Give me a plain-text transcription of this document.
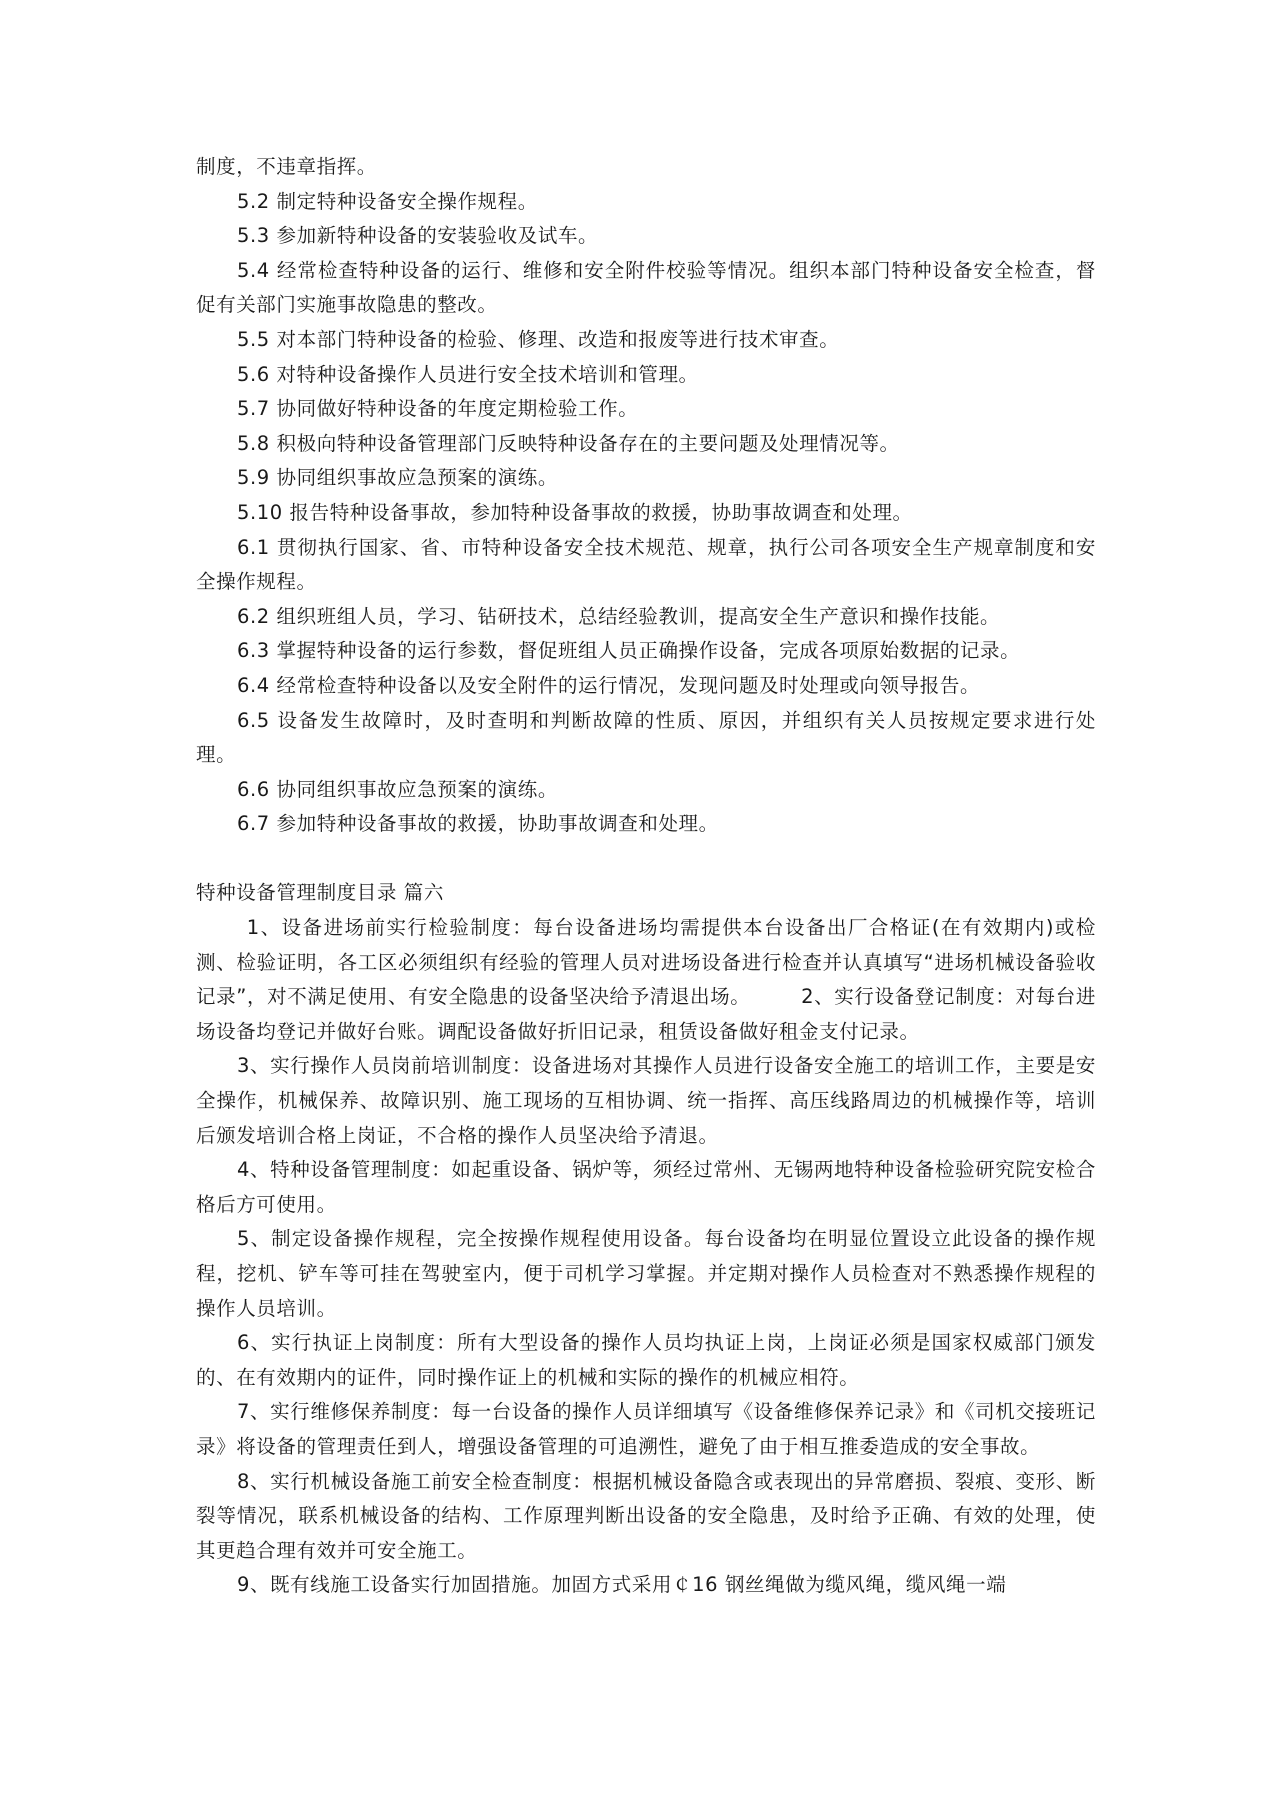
制度，不违章指挥。

5.2 制定特种设备安全操作规程。

5.3 参加新特种设备的安装验收及试车。

5.4 经常检查特种设备的运行、维修和安全附件校验等情况。组织本部门特种设备安全检查，督促有关部门实施事故隐患的整改。

5.5 对本部门特种设备的检验、修理、改造和报废等进行技术审查。

5.6 对特种设备操作人员进行安全技术培训和管理。

5.7 协同做好特种设备的年度定期检验工作。

5.8 积极向特种设备管理部门反映特种设备存在的主要问题及处理情况等。

5.9 协同组织事故应急预案的演练。

5.10 报告特种设备事故，参加特种设备事故的救援，协助事故调查和处理。

6.1 贯彻执行国家、省、市特种设备安全技术规范、规章，执行公司各项安全生产规章制度和安全操作规程。

6.2 组织班组人员，学习、钻研技术，总结经验教训，提高安全生产意识和操作技能。

6.3 掌握特种设备的运行参数，督促班组人员正确操作设备，完成各项原始数据的记录。

6.4 经常检查特种设备以及安全附件的运行情况，发现问题及时处理或向领导报告。

6.5 设备发生故障时，及时查明和判断故障的性质、原因，并组织有关人员按规定要求进行处理。

6.6 协同组织事故应急预案的演练。

6.7 参加特种设备事故的救援，协助事故调查和处理。

特种设备管理制度目录 篇六

1、设备进场前实行检验制度：每台设备进场均需提供本台设备出厂合格证(在有效期内)或检测、检验证明，各工区必须组织有经验的管理人员对进场设备进行检查并认真填写“进场机械设备验收记录”，对不满足使用、有安全隐患的设备坚决给予清退出场。　　　2、实行设备登记制度：对每台进场设备均登记并做好台账。调配设备做好折旧记录，租赁设备做好租金支付记录。

3、实行操作人员岗前培训制度：设备进场对其操作人员进行设备安全施工的培训工作，主要是安全操作，机械保养、故障识别、施工现场的互相协调、统一指挥、高压线路周边的机械操作等，培训后颁发培训合格上岗证，不合格的操作人员坚决给予清退。

4、特种设备管理制度：如起重设备、锅炉等，须经过常州、无锡两地特种设备检验研究院安检合格后方可使用。

5、制定设备操作规程，完全按操作规程使用设备。每台设备均在明显位置设立此设备的操作规程，挖机、铲车等可挂在驾驶室内，便于司机学习掌握。并定期对操作人员检查对不熟悉操作规程的操作人员培训。

6、实行执证上岗制度：所有大型设备的操作人员均执证上岗，上岗证必须是国家权威部门颁发的、在有效期内的证件，同时操作证上的机械和实际的操作的机械应相符。

7、实行维修保养制度：每一台设备的操作人员详细填写《设备维修保养记录》和《司机交接班记录》将设备的管理责任到人，增强设备管理的可追溯性，避免了由于相互推委造成的安全事故。

8、实行机械设备施工前安全检查制度：根据机械设备隐含或表现出的异常磨损、裂痕、变形、断裂等情况，联系机械设备的结构、工作原理判断出设备的安全隐患，及时给予正确、有效的处理，使其更趋合理有效并可安全施工。

9、既有线施工设备实行加固措施。加固方式采用￠16 钢丝绳做为缆风绳，缆风绳一端
